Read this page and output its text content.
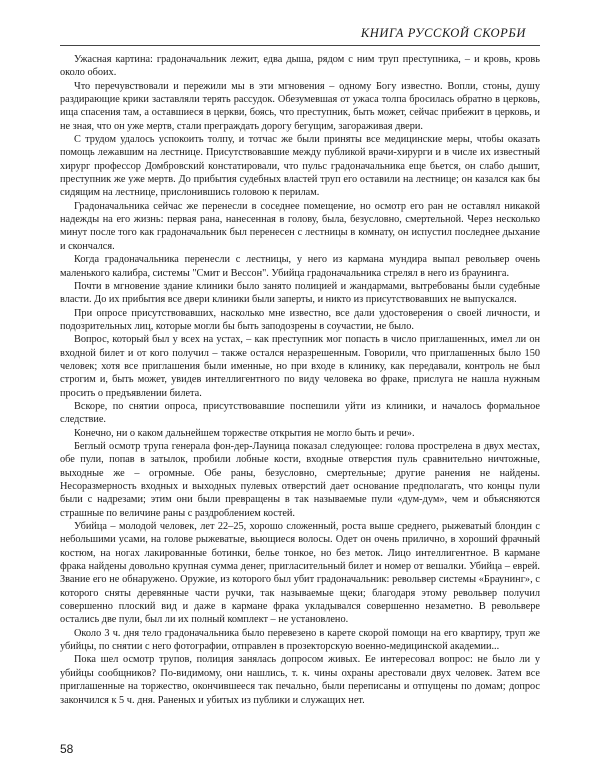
КНИГА РУССКОЙ СКОРБИ

Ужасная картина: градоначальник лежит, едва дыша, рядом с ним труп преступника, – и кровь, кровь около обоих.

Что перечувствовали и пережили мы в эти мгновения – одному Богу известно. Вопли, стоны, душу раздирающие крики заставляли терять рассудок. Обезумевшая от ужаса толпа бросилась обратно в церковь, ища спасения там, а оставшиеся в церкви, боясь, что преступник, быть может, сейчас прибежит в церковь, и не зная, что он уже мертв, стали преграждать дорогу бегущим, загораживая двери.

С трудом удалось успокоить толпу, и тотчас же были приняты все медицинские меры, чтобы оказать помощь лежавшим на лестнице. Присутствовавшие между публикой врачи-хирурги и в числе их известный хирург профессор Домбровский констатировали, что пульс градоначальника еще бьется, он слабо дышит, преступник же уже мертв. До прибытия судебных властей труп его оставили на лестнице; он казался как бы сидящим на лестнице, прислонившись головою к перилам.

Градоначальника сейчас же перенесли в соседнее помещение, но осмотр его ран не оставлял никакой надежды на его жизнь: первая рана, нанесенная в голову, была, безусловно, смертельной. Через несколько минут после того как градоначальник был перенесен с лестницы в комнату, он испустил последнее дыхание и скончался.

Когда градоначальника перенесли с лестницы, у него из кармана мундира выпал револьвер очень маленького калибра, системы "Смит и Вессон". Убийца градоначальника стрелял в него из браунинга.

Почти в мгновение здание клиники было занято полицией и жандармами, вытребованы были судебные власти. До их прибытия все двери клиники были заперты, и никто из присутствовавших не выпускался.

При опросе присутствовавших, насколько мне известно, все дали удостоверения о своей личности, и подозрительных лиц, которые могли бы быть заподозрены в соучастии, не было.

Вопрос, который был у всех на устах, – как преступник мог попасть в число приглашенных, имел ли он входной билет и от кого получил – также остался неразрешенным. Говорили, что приглашенных было 150 человек; хотя все приглашения были именные, но при входе в клинику, как передавали, контроль не был строгим и, быть может, увидев интеллигентного по виду человека во фраке, прислуга не нашла нужным просить о предъявлении билета.

Вскоре, по снятии опроса, присутствовавшие поспешили уйти из клиники, и началось формальное следствие.

Конечно, ни о каком дальнейшем торжестве открытия не могло быть и речи».

Беглый осмотр трупа генерала фон-дер-Лауница показал следующее: голова прострелена в двух местах, обе пули, попав в затылок, пробили лобные кости, входные отверстия пуль сравнительно ничтожные, выходные же – огромные. Обе раны, безусловно, смертельные; другие ранения не найдены. Несоразмерность входных и выходных пулевых отверстий дает основание предполагать, что концы пули были с надрезами; этим они были превращены в так называемые пули «дум-дум», чем и объясняются страшные по величине раны с раздроблением костей.

Убийца – молодой человек, лет 22–25, хорошо сложенный, роста выше среднего, рыжеватый блондин с небольшими усами, на голове рыжеватые, вьющиеся волосы. Одет он очень прилично, в хороший фрачный костюм, на ногах лакированные ботинки, белье тонкое, но без меток. Лицо интеллигентное. В кармане фрака найдены довольно крупная сумма денег, пригласительный билет и номер от вешалки. Убийца – еврей. Звание его не обнаружено. Оружие, из которого был убит градоначальник: револьвер системы «Браунинг», с которого сняты деревянные части ручки, так называемые щеки; благодаря этому револьвер получил совершенно плоский вид и даже в кармане фрака укладывался совершенно незаметно. В револьвере остались две пули, был ли их полный комплект – не установлено.

Около 3 ч. дня тело градоначальника было перевезено в карете скорой помощи на его квартиру, труп же убийцы, по снятии с него фотографии, отправлен в прозекторскую военно-медицинской академии...

Пока шел осмотр трупов, полиция занялась допросом живых. Ее интересовал вопрос: не было ли у убийцы сообщников? По-видимому, они нашлись, т. к. чины охраны арестовали двух человек. Затем все приглашенные на торжество, окончившееся так печально, были переписаны и отпущены по домам; допрос закончился к 5 ч. дня. Раненых и убитых из публики и служащих нет.

58
